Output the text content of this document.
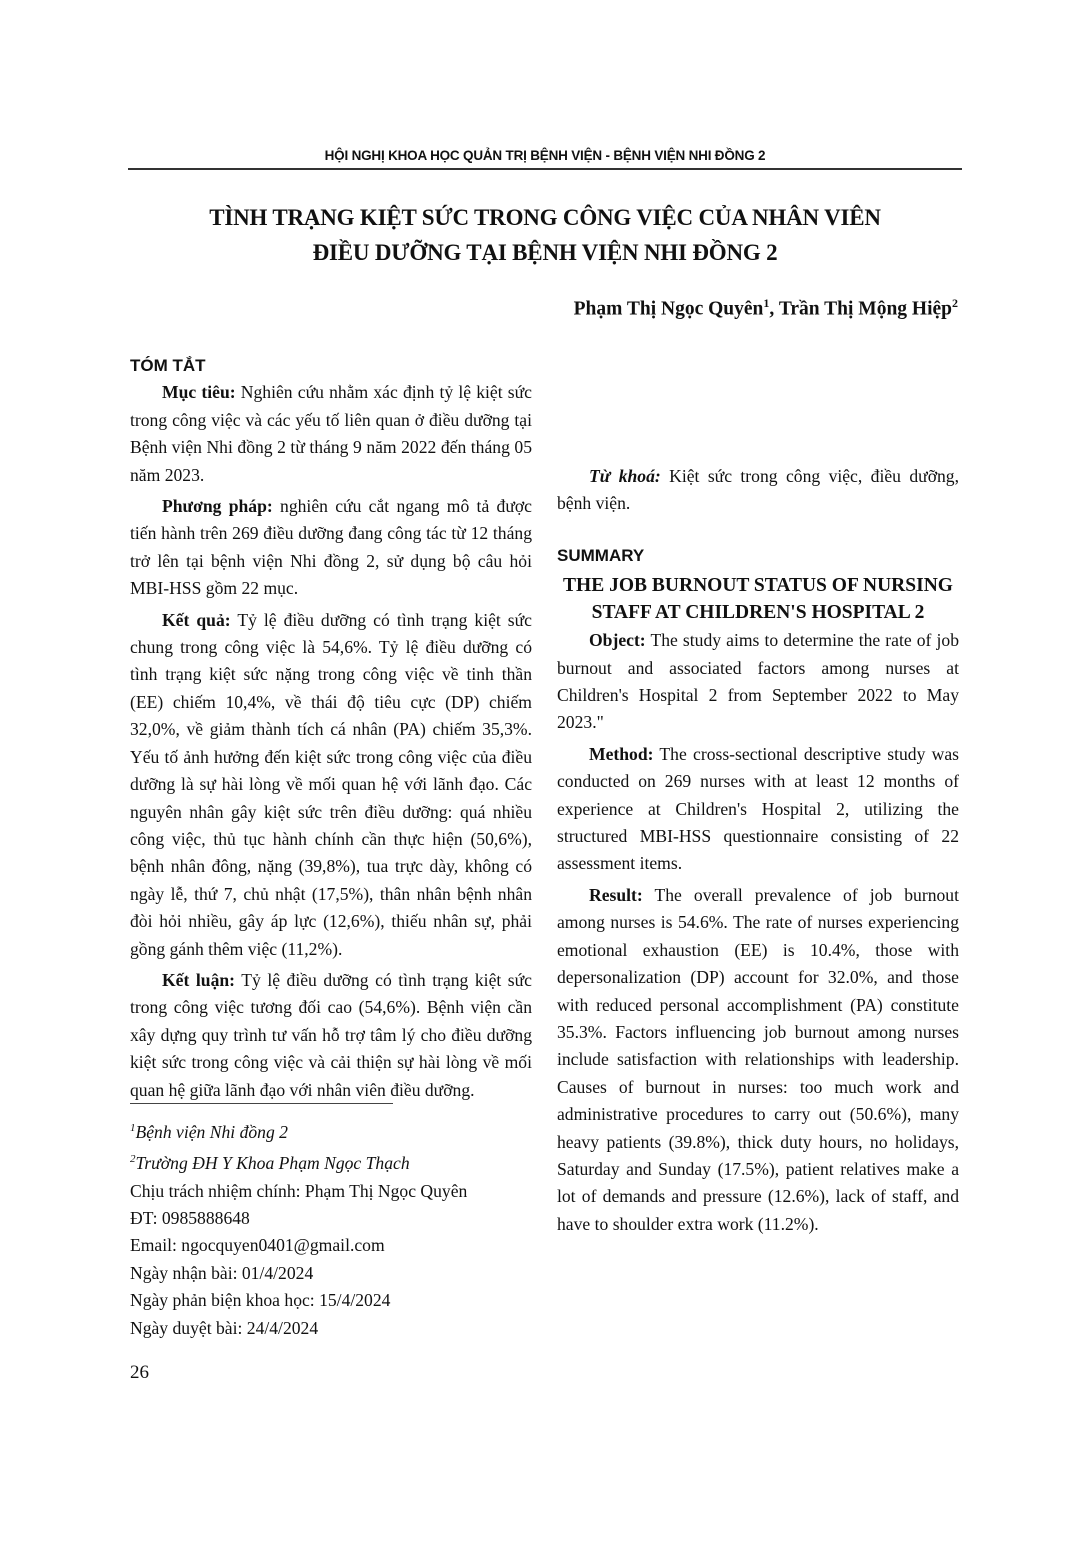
HỘI NGHỊ KHOA HỌC QUẢN TRỊ BỆNH VIỆN - BỆNH VIỆN NHI ĐỒNG 2
TÌNH TRẠNG KIỆT SỨC TRONG CÔNG VIỆC CỦA NHÂN VIÊN
ĐIỀU DƯỠNG TẠI BỆNH VIỆN NHI ĐỒNG 2
Phạm Thị Ngọc Quyên$^1$, Trần Thị Mộng Hiệp$^2$
TÓM TẮT

Mục tiêu: Nghiên cứu nhằm xác định tỷ lệ kiệt sức trong công việc và các yếu tố liên quan ở điều dưỡng tại Bệnh viện Nhi đồng 2 từ tháng 9 năm 2022 đến tháng 05 năm 2023.

Phương pháp: nghiên cứu cắt ngang mô tả được tiến hành trên 269 điều dưỡng đang công tác từ 12 tháng trở lên tại bệnh viện Nhi đồng 2, sử dụng bộ câu hỏi MBI-HSS gồm 22 mục.

Kết quả: Tỷ lệ điều dưỡng có tình trạng kiệt sức chung trong công việc là 54,6%. Tỷ lệ điều dưỡng có tình trạng kiệt sức nặng trong công việc về tinh thần (EE) chiếm 10,4%, về thái độ tiêu cực (DP) chiếm 32,0%, về giảm thành tích cá nhân (PA) chiếm 35,3%. Yếu tố ảnh hưởng đến kiệt sức trong công việc của điều dưỡng là sự hài lòng về mối quan hệ với lãnh đạo. Các nguyên nhân gây kiệt sức trên điều dưỡng: quá nhiều công việc, thủ tục hành chính cần thực hiện (50,6%), bệnh nhân đông, nặng (39,8%), tua trực dày, không có ngày lễ, thứ 7, chủ nhật (17,5%), thân nhân bệnh nhân đòi hỏi nhiều, gây áp lực (12,6%), thiếu nhân sự, phải gồng gánh thêm việc (11,2%).

Kết luận: Tỷ lệ điều dưỡng có tình trạng kiệt sức trong công việc tương đối cao (54,6%). Bệnh viện cần xây dựng quy trình tư vấn hỗ trợ tâm lý cho điều dưỡng kiệt sức trong công việc và cải thiện sự hài lòng về mối quan hệ giữa lãnh đạo với nhân viên điều dưỡng.

Từ khoá: Kiệt sức trong công việc, điều dưỡng, bệnh viện.

SUMMARY
THE JOB BURNOUT STATUS OF NURSING STAFF AT CHILDREN'S HOSPITAL 2

Object: The study aims to determine the rate of job burnout and associated factors among nurses at Children's Hospital 2 from September 2022 to May 2023."

Method: The cross-sectional descriptive study was conducted on 269 nurses with at least 12 months of experience at Children's Hospital 2, utilizing the structured MBI-HSS questionnaire consisting of 22 assessment items.

Result: The overall prevalence of job burnout among nurses is 54.6%. The rate of nurses experiencing emotional exhaustion (EE) is 10.4%, those with depersonalization (DP) account for 32.0%, and those with reduced personal accomplishment (PA) constitute 35.3%. Factors influencing job burnout among nurses include satisfaction with relationships with leadership. Causes of burnout in nurses: too much work and administrative procedures to carry out (50.6%), many heavy patients (39.8%), thick duty hours, no holidays, Saturday and Sunday (17.5%), patient relatives make a lot of demands and pressure (12.6%), lack of staff, and have to shoulder extra work (11.2%).

$^1$Bệnh viện Nhi đồng 2
$^2$Trường ĐH Y Khoa Phạm Ngọc Thạch
Chịu trách nhiệm chính: Phạm Thị Ngọc Quyên
ĐT: 0985888648
Email: ngocquyen0401@gmail.com
Ngày nhận bài: 01/4/2024
Ngày phản biện khoa học: 15/4/2024
Ngày duyệt bài: 24/4/2024
26
